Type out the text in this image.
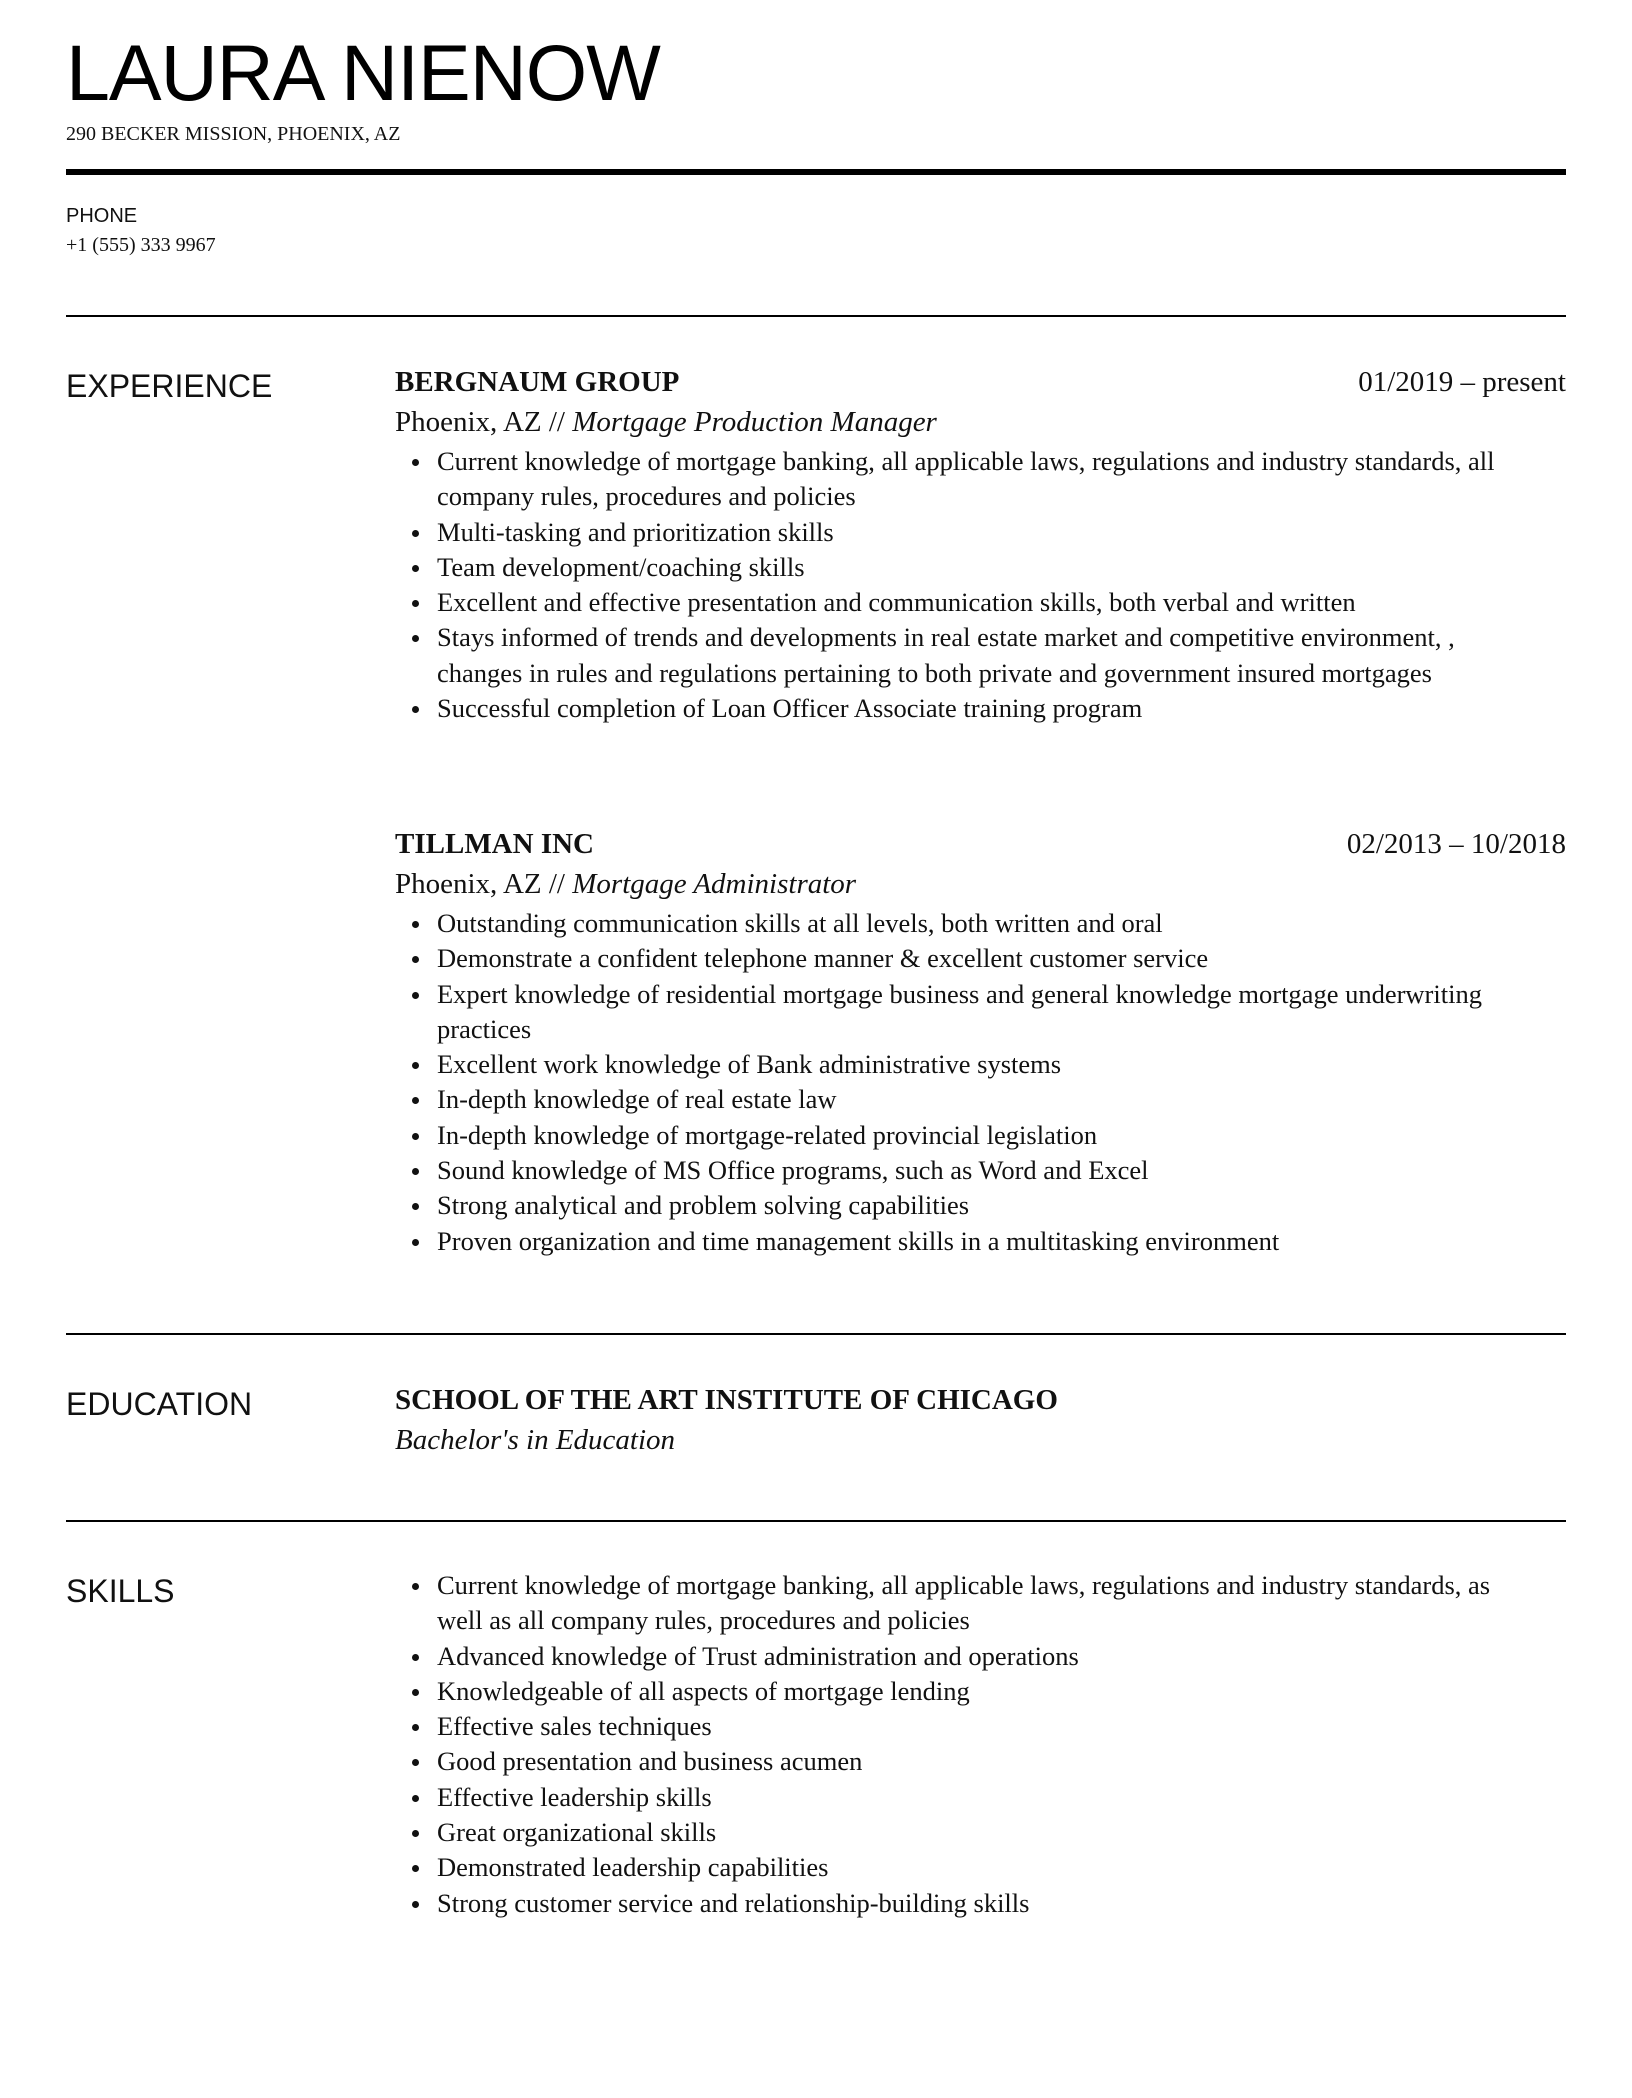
LAURA NIENOW
290 BECKER MISSION, PHOENIX, AZ
PHONE
+1 (555) 333 9967
EXPERIENCE	BERGNAUM GROUP	01/2019 – present
Phoenix, AZ // Mortgage Production Manager
Current knowledge of mortgage banking, all applicable laws, regulations and industry standards, all company rules, procedures and policies
Multi-tasking and prioritization skills
Team development/coaching skills
Excellent and effective presentation and communication skills, both verbal and written
Stays informed of trends and developments in real estate market and competitive environment, , changes in rules and regulations pertaining to both private and government insured mortgages
Successful completion of Loan Officer Associate training program
TILLMAN INC	02/2013 – 10/2018
Phoenix, AZ // Mortgage Administrator
Outstanding communication skills at all levels, both written and oral
Demonstrate a confident telephone manner & excellent customer service
Expert knowledge of residential mortgage business and general knowledge mortgage underwriting practices
Excellent work knowledge of Bank administrative systems
In-depth knowledge of real estate law
In-depth knowledge of mortgage-related provincial legislation
Sound knowledge of MS Office programs, such as Word and Excel
Strong analytical and problem solving capabilities
Proven organization and time management skills in a multitasking environment
EDUCATION	SCHOOL OF THE ART INSTITUTE OF CHICAGO
Bachelor's in Education
SKILLS	Current knowledge of mortgage banking, all applicable laws, regulations and industry standards, as well as all company rules, procedures and policies
Advanced knowledge of Trust administration and operations
Knowledgeable of all aspects of mortgage lending
Effective sales techniques
Good presentation and business acumen
Effective leadership skills
Great organizational skills
Demonstrated leadership capabilities
Strong customer service and relationship-building skills
